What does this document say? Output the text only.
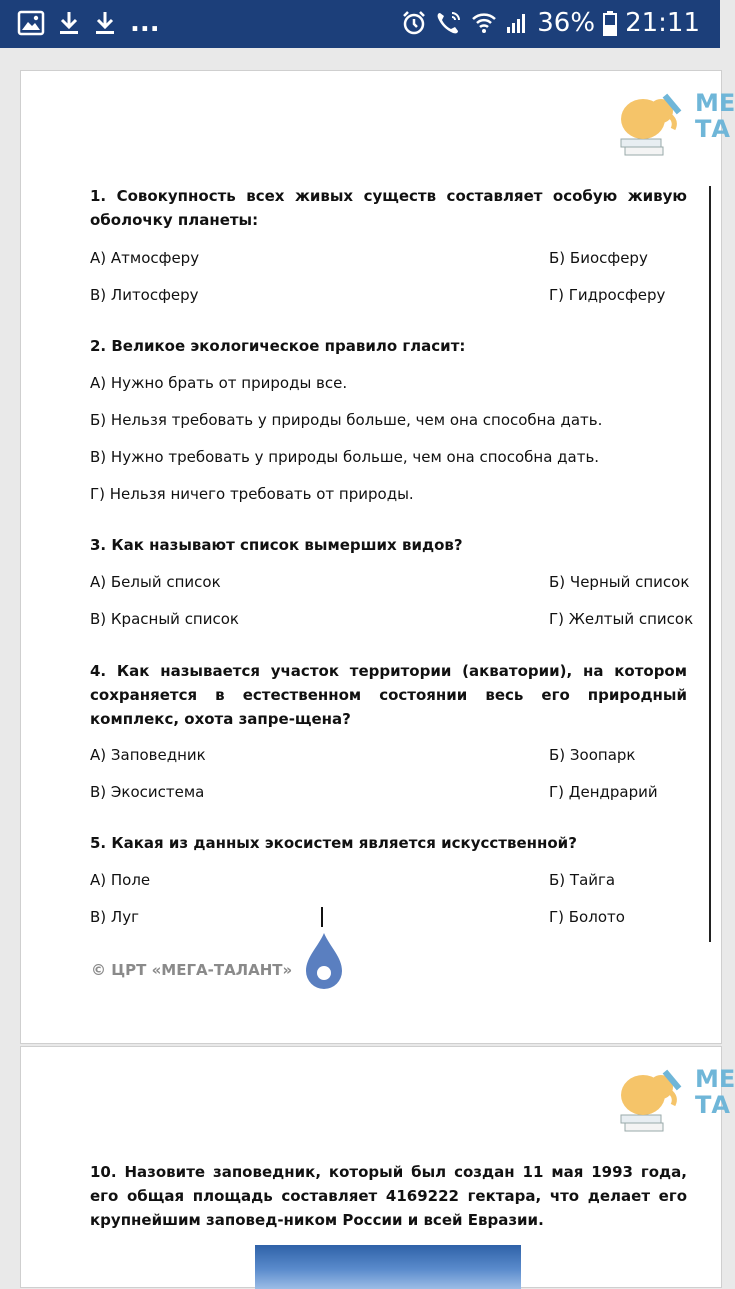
...	36% 21:11
МЕ
ТА
1. Совокупность всех живых существ составляет особую живую оболочку планеты:
А) Атмосферу	Б) Биосферу
В) Литосферу	Г) Гидросферу
2. Великое экологическое правило гласит:
А) Нужно брать от природы все.
Б) Нельзя требовать у природы больше, чем она способна дать.
В) Нужно требовать у природы больше, чем она способна дать.
Г) Нельзя ничего требовать от природы.
3. Как называют список вымерших видов?
А) Белый список	Б) Черный список
В) Красный список	Г) Желтый список
4. Как называется участок территории (акватории), на котором сохраняется в естественном состоянии весь его природный комплекс, охота запре-щена?
А) Заповедник	Б) Зоопарк
В) Экосистема	Г) Дендрарий
5. Какая из данных экосистем является искусственной?
А) Поле	Б) Тайга
В) Луг	Г) Болото
© ЦРТ «МЕГА-ТАЛАНТ»
МЕ
ТА
10. Назовите заповедник, который был создан 11 мая 1993 года, его общая площадь составляет 4169222 гектара, что делает его крупнейшим заповед-ником России и всей Евразии.
